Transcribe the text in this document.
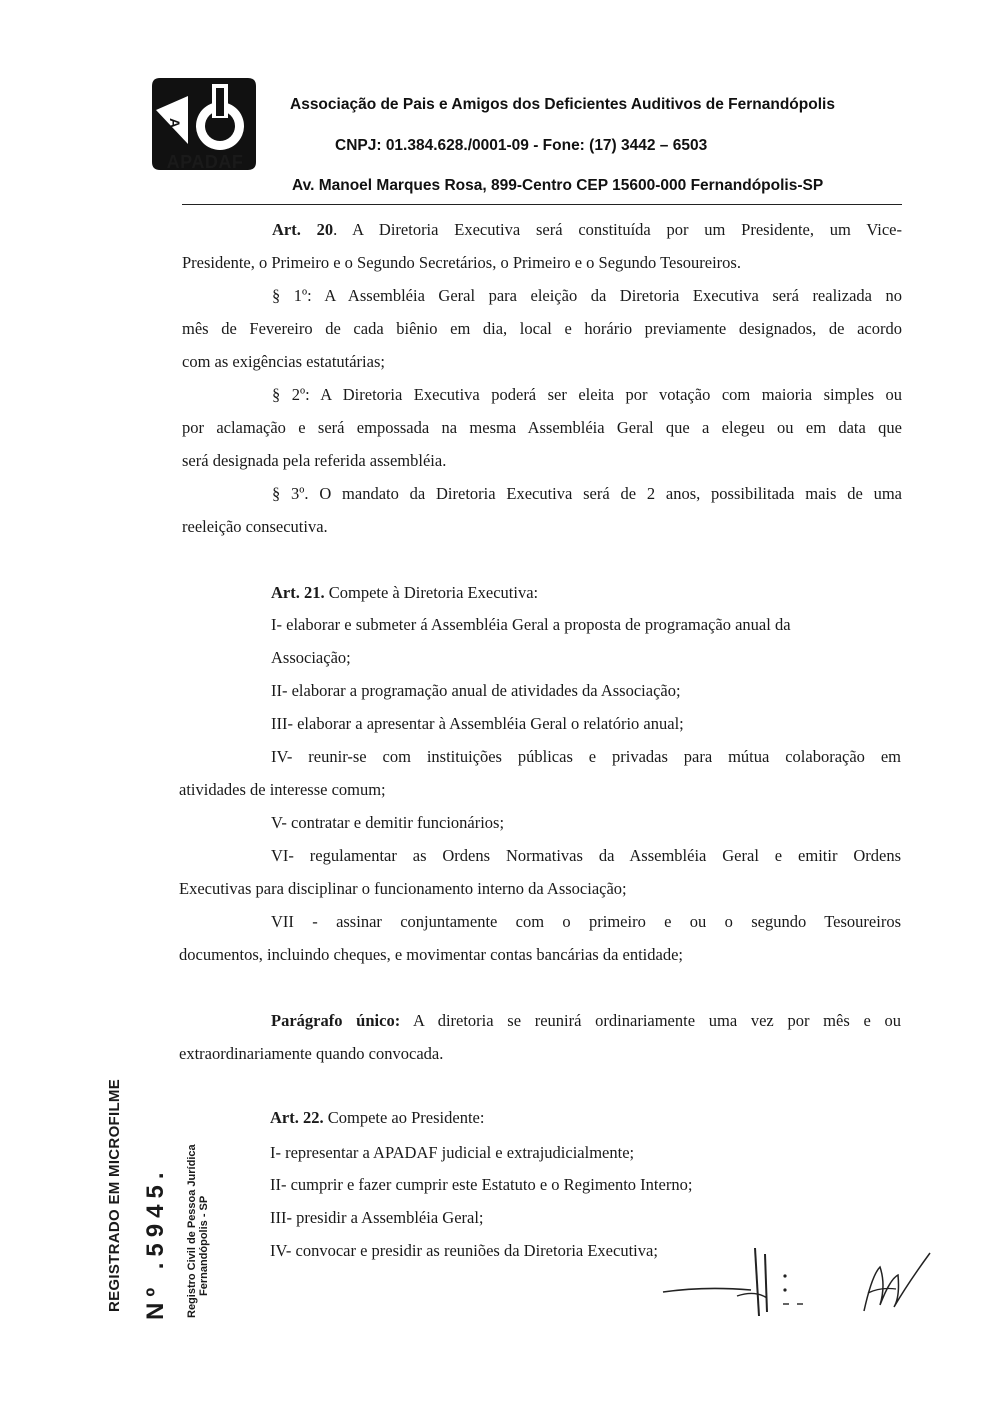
A
APADAF
Associação de Pais e Amigos dos Deficientes Auditivos de Fernandópolis
CNPJ: 01.384.628./0001-09 - Fone: (17) 3442 – 6503
Av. Manoel Marques Rosa, 899-Centro CEP 15600-000 Fernandópolis-SP
Art. 20. A Diretoria Executiva será constituída por um Presidente, um Vice-
Presidente, o Primeiro e o Segundo Secretários, o Primeiro e o Segundo Tesoureiros.
§ 1º: A Assembléia Geral para eleição da Diretoria Executiva será realizada no
mês de Fevereiro de cada biênio em dia, local e horário previamente designados, de acordo
com as exigências estatutárias;
§ 2º: A Diretoria Executiva poderá ser eleita por votação com maioria simples ou
por aclamação e será empossada na mesma Assembléia Geral que a elegeu ou em data que
será designada pela referida assembléia.
§ 3º. O mandato da Diretoria Executiva será de 2 anos, possibilitada mais de uma
reeleição consecutiva.
Art. 21. Compete à Diretoria Executiva:
I- elaborar e submeter á Assembléia Geral a proposta de programação anual da
Associação;
II- elaborar a programação anual de atividades da Associação;
III- elaborar a apresentar à Assembléia Geral o relatório anual;
IV- reunir-se com instituições públicas e privadas para mútua colaboração em
atividades de interesse comum;
V- contratar e demitir funcionários;
VI- regulamentar as Ordens Normativas da Assembléia Geral e emitir Ordens
Executivas para disciplinar o funcionamento interno da Associação;
VII - assinar conjuntamente com o primeiro e ou o segundo Tesoureiros
documentos, incluindo cheques, e movimentar contas bancárias da entidade;
Parágrafo único: A diretoria se reunirá ordinariamente uma vez por mês e ou
extraordinariamente quando convocada.
Art. 22. Compete ao Presidente:
I- representar a APADAF judicial e extrajudicialmente;
II- cumprir e fazer cumprir este Estatuto e o Regimento Interno;
III- presidir a Assembléia Geral;
IV- convocar e presidir as reuniões da Diretoria Executiva;
REGISTRADO EM MICROFILME Nº .5945. Registro Civil de Pessoa Jurídica Fernandópolis - SP
